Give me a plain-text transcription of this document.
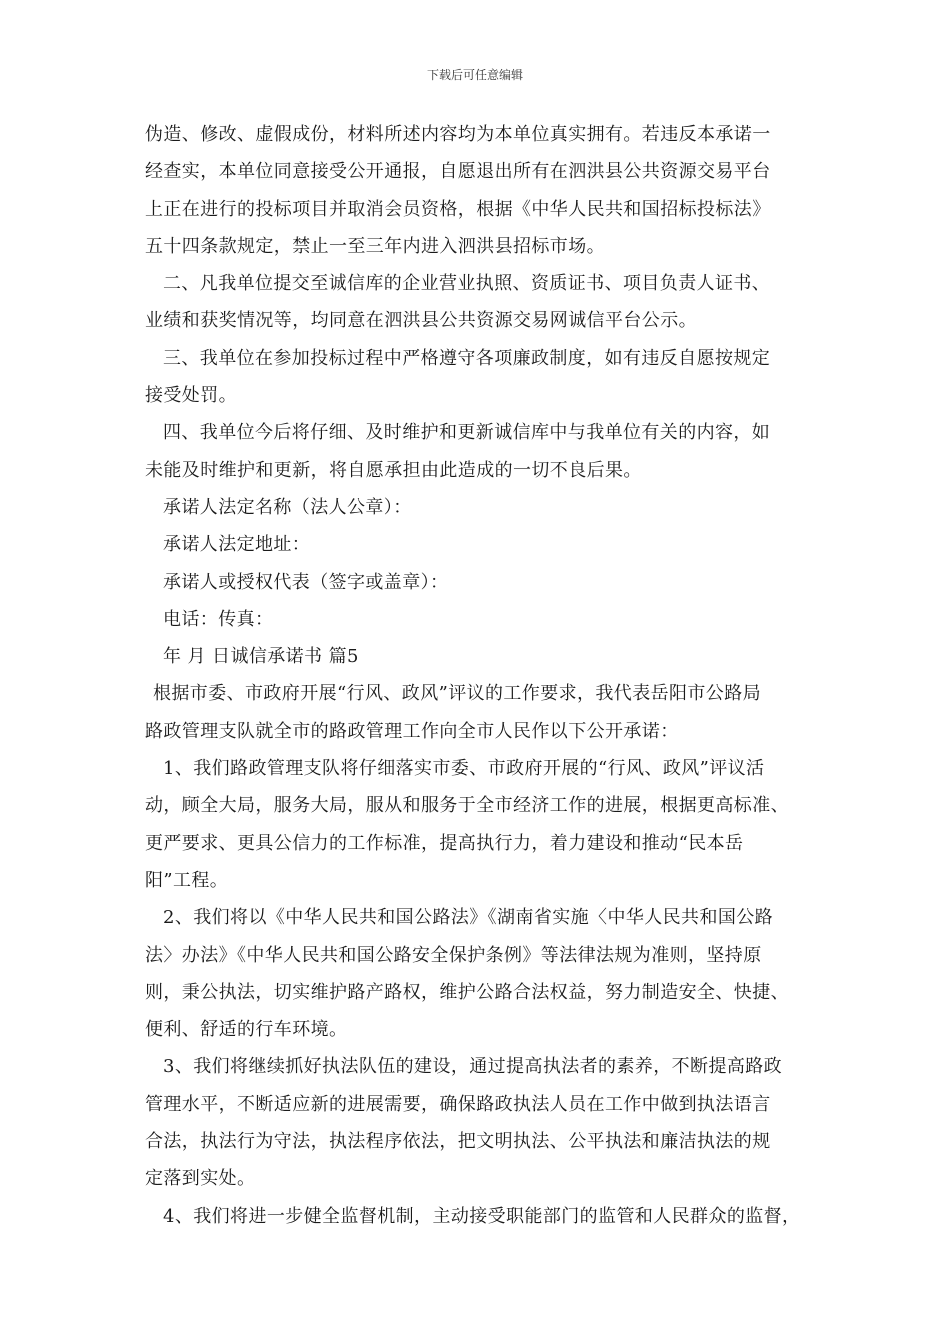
下载后可任意编辑
伪造、修改、虚假成份，材料所述内容均为本单位真实拥有。若违反本承诺一
经查实，本单位同意接受公开通报，自愿退出所有在泗洪县公共资源交易平台
上正在进行的投标项目并取消会员资格，根据《中华人民共和国招标投标法》
五十四条款规定，禁止一至三年内进入泗洪县招标市场。
二、凡我单位提交至诚信库的企业营业执照、资质证书、项目负责人证书、
业绩和获奖情况等，均同意在泗洪县公共资源交易网诚信平台公示。
三、我单位在参加投标过程中严格遵守各项廉政制度，如有违反自愿按规定
接受处罚。
四、我单位今后将仔细、及时维护和更新诚信库中与我单位有关的内容，如
未能及时维护和更新，将自愿承担由此造成的一切不良后果。
承诺人法定名称（法人公章）：
承诺人法定地址：
承诺人或授权代表（签字或盖章）：
电话：传真：
年 月 日诚信承诺书 篇5
根据市委、市政府开展“行风、政风”评议的工作要求，我代表岳阳市公路局
路政管理支队就全市的路政管理工作向全市人民作以下公开承诺：
1、我们路政管理支队将仔细落实市委、市政府开展的“行风、政风”评议活
动，顾全大局，服务大局，服从和服务于全市经济工作的进展，根据更高标准、
更严要求、更具公信力的工作标准，提高执行力，着力建设和推动“民本岳
阳”工程。
2、我们将以《中华人民共和国公路法》《湖南省实施〈中华人民共和国公路
法〉办法》《中华人民共和国公路安全保护条例》等法律法规为准则，坚持原
则，秉公执法，切实维护路产路权，维护公路合法权益，努力制造安全、快捷、
便利、舒适的行车环境。
3、我们将继续抓好执法队伍的建设，通过提高执法者的素养，不断提高路政
管理水平，不断适应新的进展需要，确保路政执法人员在工作中做到执法语言
合法，执法行为守法，执法程序依法，把文明执法、公平执法和廉洁执法的规
定落到实处。
4、我们将进一步健全监督机制，主动接受职能部门的监管和人民群众的监督，
